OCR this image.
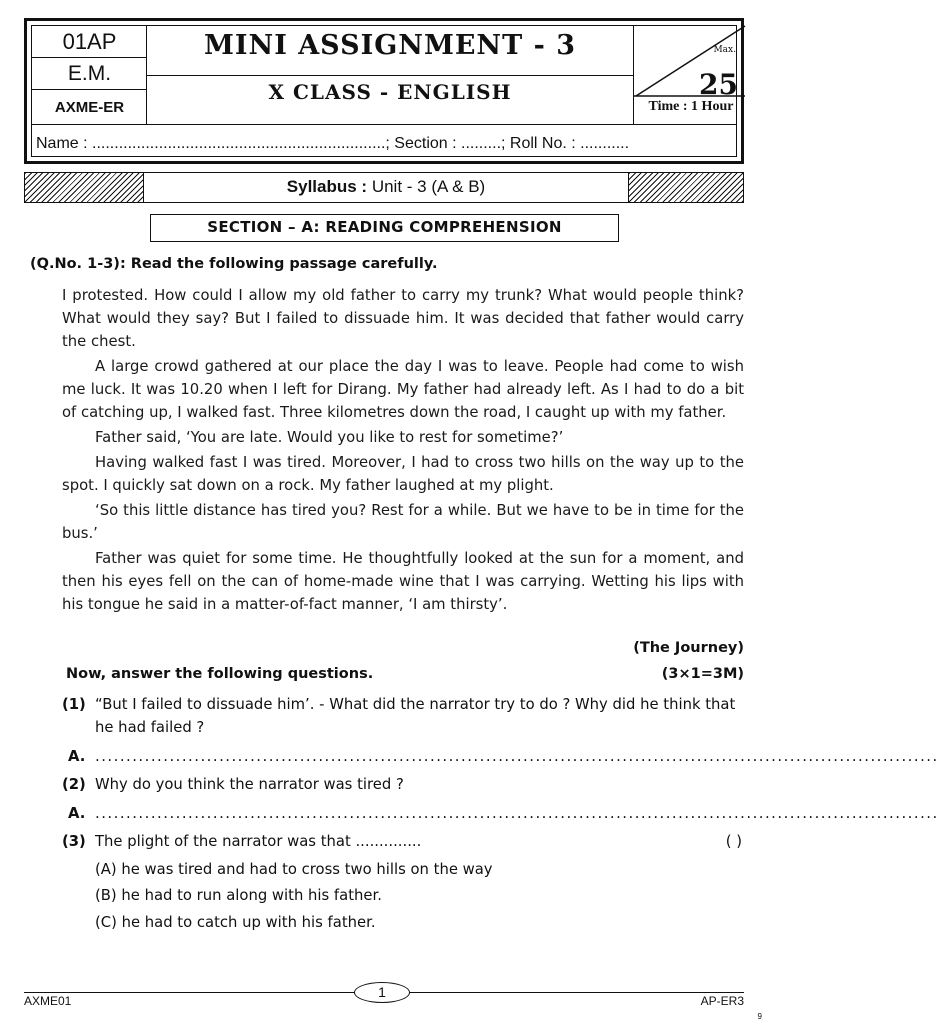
01AP
E.M.
AXME-ER
MINI ASSIGNMENT - 3
X CLASS - ENGLISH
Max.
25
Time : 1 Hour
Name : ..................................................................; Section : .........; Roll No. : ...........
Syllabus : Unit - 3 (A & B)
SECTION – A: READING COMPREHENSION
(Q.No. 1-3): Read the following passage carefully.

I protested. How could I allow my old father to carry my trunk? What would people think? What would they say? But I failed to dissuade him. It was decided that father would carry the chest.

A large crowd gathered at our place the day I was to leave. People had come to wish me luck. It was 10.20 when I left for Dirang. My father had already left. As I had to do a bit of catching up, I walked fast. Three kilometres down the road, I caught up with my father.

Father said, ‘You are late. Would you like to rest for sometime?’

Having walked fast I was tired. Moreover, I had to cross two hills on the way up to the spot. I quickly sat down on a rock. My father laughed at my plight.

‘So this little distance has tired you? Rest for a while. But we have to be in time for the bus.’

Father was quiet for some time. He thoughtfully looked at the sun for a moment, and then his eyes fell on the can of home-made wine that I was carrying. Wetting his lips with his tongue he said in a matter-of-fact manner, ‘I am thirsty’.

(The Journey)
Now, answer the following questions.	(3×1=3M)
(1) “But I failed to dissuade him’. - What did the narrator try to do ? Why did he think that he had failed ?
A. ........................................................................................................................................
(2) Why do you think the narrator was tired ?
A. ........................................................................................................................................
(3) The plight of the narrator was that ..............	( )
(A) he was tired and had to cross two hills on the way
(B) he had to run along with his father.
(C) he had to catch up with his father.
AXME01
1
AP-ER3
9
